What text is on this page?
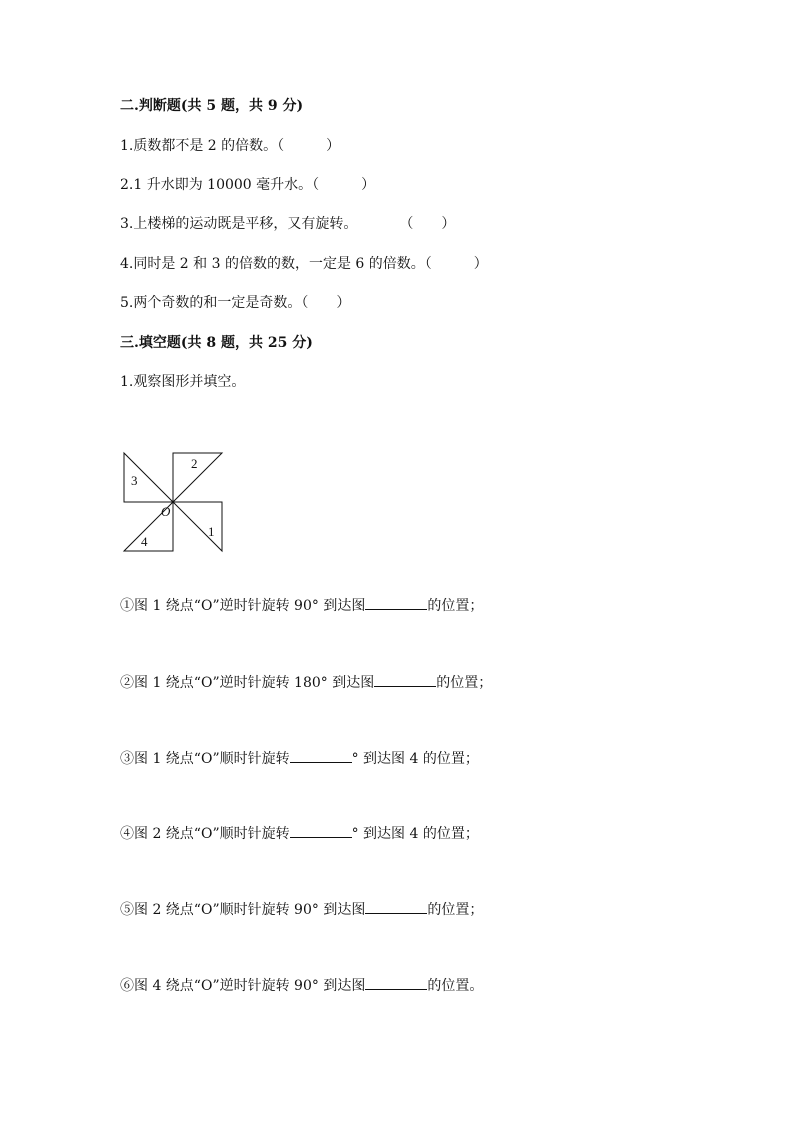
二.判断题(共 5 题，共 9 分)
1.质数都不是 2 的倍数。（　　　）
2.1 升水即为 10000 毫升水。（　　　）
3.上楼梯的运动既是平移，又有旋转。　　　　（　　）
4.同时是 2 和 3 的倍数的数，一定是 6 的倍数。（　　　）
5.两个奇数的和一定是奇数。（　　）
三.填空题(共 8 题，共 25 分)
1.观察图形并填空。
2
3
O
1
4
①图 1 绕点“O”逆时针旋转 90° 到达图	的位置；
②图 1 绕点“O”逆时针旋转 180° 到达图	的位置；
③图 1 绕点“O”顺时针旋转	° 到达图 4 的位置；
④图 2 绕点“O”顺时针旋转	° 到达图 4 的位置；
⑤图 2 绕点“O”顺时针旋转 90° 到达图	的位置；
⑥图 4 绕点“O”逆时针旋转 90° 到达图	的位置。
